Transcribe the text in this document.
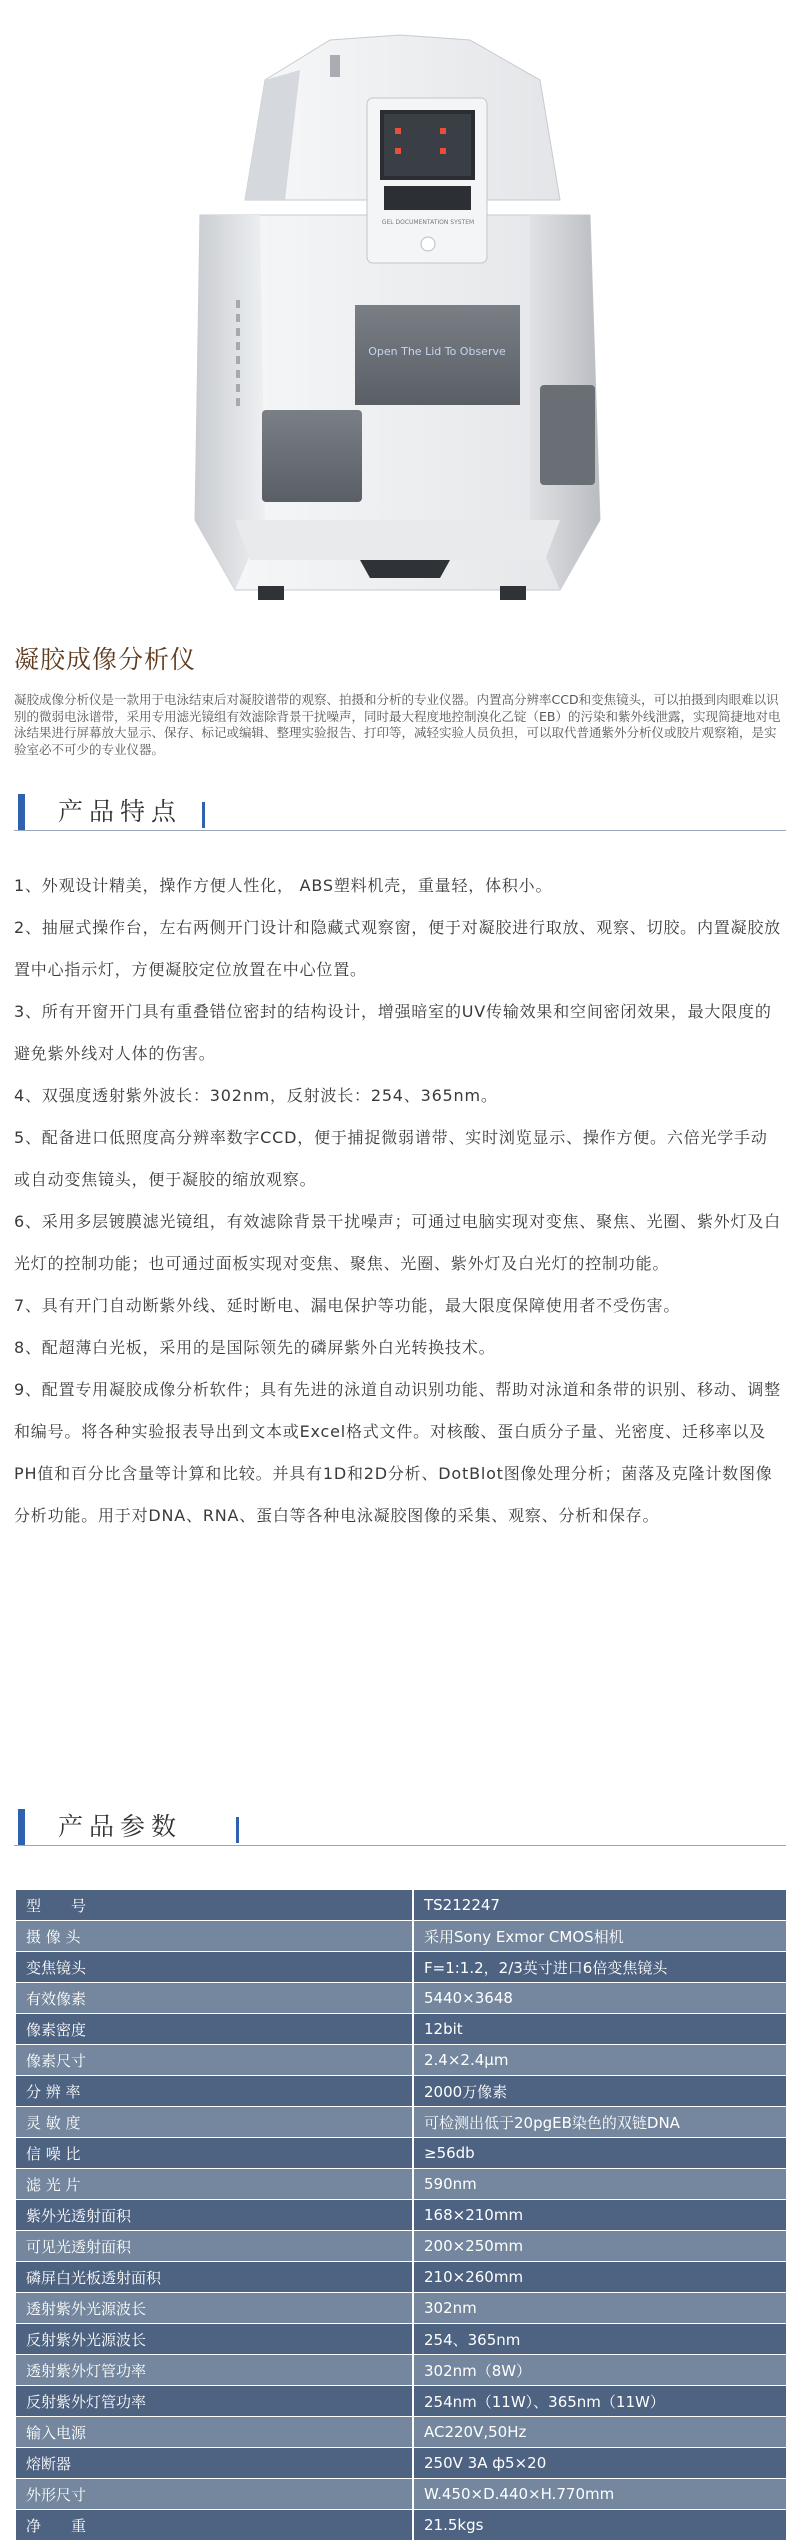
GEL DOCUMENTATION SYSTEM
Open The Lid To Observe
凝胶成像分析仪
凝胶成像分析仪是一款用于电泳结束后对凝胶谱带的观察、拍摄和分析的专业仪器。内置高分辨率CCD和变焦镜头，可以拍摄到肉眼难以识别的微弱电泳谱带，采用专用滤光镜组有效滤除背景干扰噪声，同时最大程度地控制溴化乙锭（EB）的污染和紫外线泄露，实现简捷地对电泳结果进行屏幕放大显示、保存、标记或编辑、整理实验报告、打印等，减轻实验人员负担，可以取代普通紫外分析仪或胶片观察箱，是实验室必不可少的专业仪器。
产品特点

1、外观设计精美，操作方便人性化， ABS塑料机壳，重量轻，体积小。

2、抽屉式操作台，左右两侧开门设计和隐藏式观察窗，便于对凝胶进行取放、观察、切胶。内置凝胶放置中心指示灯，方便凝胶定位放置在中心位置。

3、所有开窗开门具有重叠错位密封的结构设计，增强暗室的UV传输效果和空间密闭效果，最大限度的避免紫外线对人体的伤害。

4、双强度透射紫外波长：302nm，反射波长：254、365nm。

5、配备进口低照度高分辨率数字CCD，便于捕捉微弱谱带、实时浏览显示、操作方便。六倍光学手动或自动变焦镜头，便于凝胶的缩放观察。

6、采用多层镀膜滤光镜组，有效滤除背景干扰噪声；可通过电脑实现对变焦、聚焦、光圈、紫外灯及白光灯的控制功能；也可通过面板实现对变焦、聚焦、光圈、紫外灯及白光灯的控制功能。

7、具有开门自动断紫外线、延时断电、漏电保护等功能，最大限度保障使用者不受伤害。

8、配超薄白光板，采用的是国际领先的磷屏紫外白光转换技术。

9、配置专用凝胶成像分析软件；具有先进的泳道自动识别功能、帮助对泳道和条带的识别、移动、调整和编号。将各种实验报表导出到文本或Excel格式文件。对核酸、蛋白质分子量、光密度、迁移率以及PH值和百分比含量等计算和比较。并具有1D和2D分析、DotBlot图像处理分析；菌落及克隆计数图像分析功能。用于对DNA、RNA、蛋白等各种电泳凝胶图像的采集、观察、分析和保存。

产品参数
型　　号	TS212247
摄 像 头	采用Sony Exmor CMOS相机
变焦镜头	F=1:1.2，2/3英寸进口6倍变焦镜头
有效像素	5440×3648
像素密度	12bit
像素尺寸	2.4×2.4μm
分 辨 率	2000万像素
灵 敏 度	可检测出低于20pgEB染色的双链DNA
信 噪 比	≥56db
滤 光 片	590nm
紫外光透射面积	168×210mm
可见光透射面积	200×250mm
磷屏白光板透射面积	210×260mm
透射紫外光源波长	302nm
反射紫外光源波长	254、365nm
透射紫外灯管功率	302nm（8W）
反射紫外灯管功率	254nm（11W）、365nm（11W）
输入电源	AC220V,50Hz
熔断器	250V 3A ф5×20
外形尺寸	W.450×D.440×H.770mm
净　　重	21.5kgs
